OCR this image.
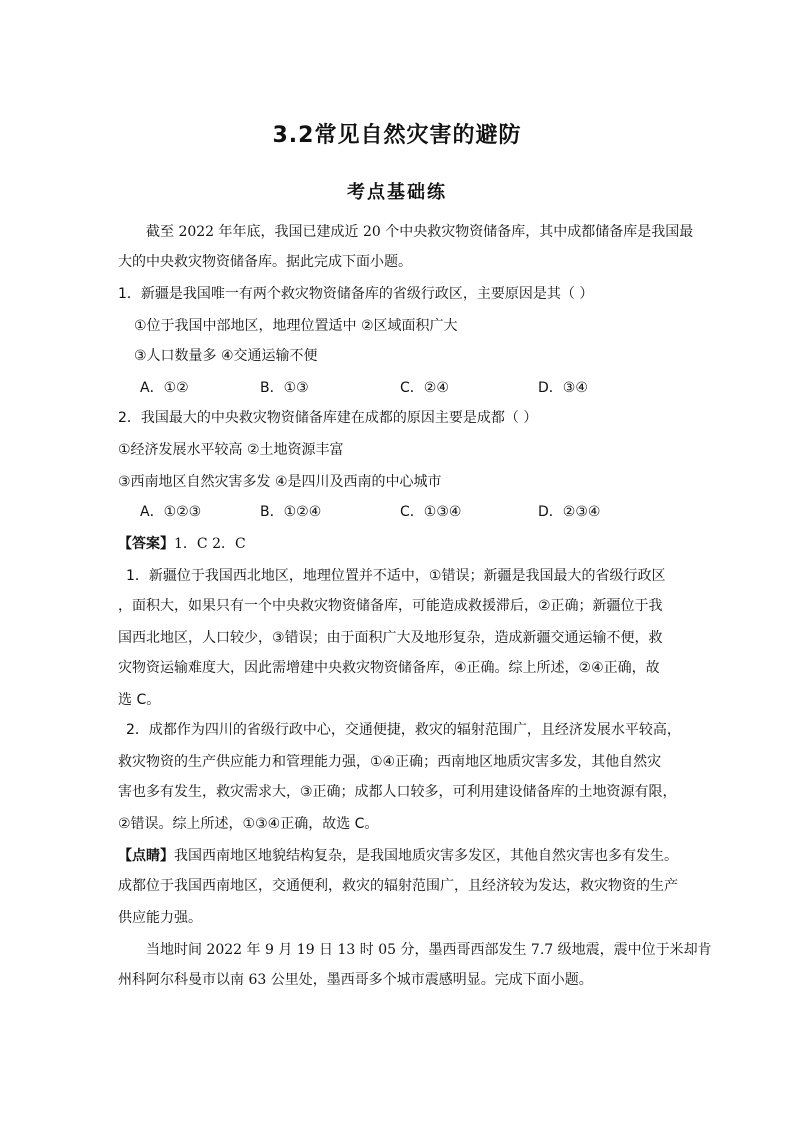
3.2常见自然灾害的避防
考点基础练
截至 2022 年年底，我国已建成近 20 个中央救灾物资储备库，其中成都储备库是我国最
大的中央救灾物资储备库。据此完成下面小题。
1．新疆是我国唯一有两个救灾物资储备库的省级行政区，主要原因是其（ ）
①位于我国中部地区，地理位置适中 ②区域面积广大
③人口数量多 ④交通运输不便
A．①②	B．①③	C．②④	D．③④
2．我国最大的中央救灾物资储备库建在成都的原因主要是成都（ ）
①经济发展水平较高 ②土地资源丰富
③西南地区自然灾害多发 ④是四川及西南的中心城市
A．①②③	B．①②④	C．①③④	D．②③④
【答案】1．C 2．C
1．新疆位于我国西北地区，地理位置并不适中，①错误；新疆是我国最大的省级行政区
，面积大，如果只有一个中央救灾物资储备库，可能造成救援滞后，②正确；新疆位于我
国西北地区，人口较少，③错误；由于面积广大及地形复杂，造成新疆交通运输不便，救
灾物资运输难度大，因此需增建中央救灾物资储备库，④正确。综上所述，②④正确，故
选 C。
2．成都作为四川的省级行政中心，交通便捷，救灾的辐射范围广，且经济发展水平较高，
救灾物资的生产供应能力和管理能力强，①④正确；西南地区地质灾害多发，其他自然灾
害也多有发生，救灾需求大，③正确；成都人口较多，可利用建设储备库的土地资源有限，
②错误。综上所述，①③④正确，故选 C。
【点睛】我国西南地区地貌结构复杂，是我国地质灾害多发区，其他自然灾害也多有发生。
成都位于我国西南地区，交通便利，救灾的辐射范围广，且经济较为发达，救灾物资的生产
供应能力强。
当地时间 2022 年 9 月 19 日 13 时 05 分，墨西哥西部发生 7.7 级地震，震中位于米却肯
州科阿尔科曼市以南 63 公里处，墨西哥多个城市震感明显。完成下面小题。
